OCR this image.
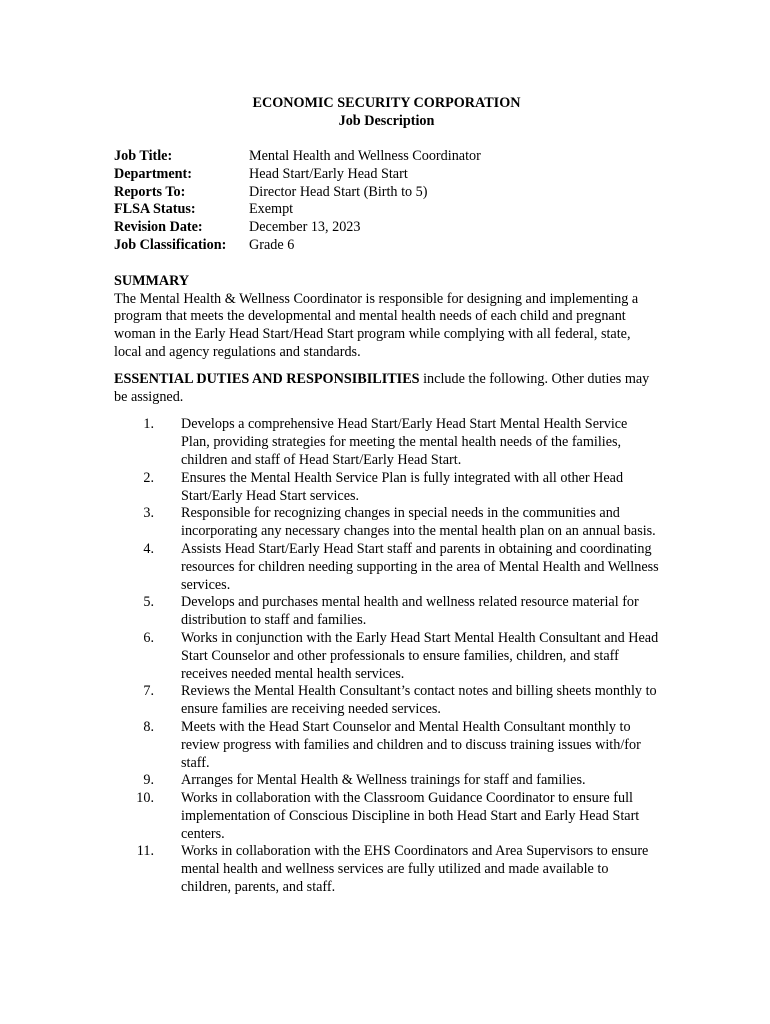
ECONOMIC SECURITY CORPORATION
Job Description
Job Title:	Mental Health and Wellness Coordinator
Department:	Head Start/Early Head Start
Reports To:	Director Head Start (Birth to 5)
FLSA Status:	Exempt
Revision Date:	December 13, 2023
Job Classification:	Grade 6
SUMMARY

The Mental Health & Wellness Coordinator is responsible for designing and implementing a program that meets the developmental and mental health needs of each child and pregnant woman in the Early Head Start/Head Start program while complying with all federal, state, local and agency regulations and standards.

ESSENTIAL DUTIES AND RESPONSIBILITIES include the following. Other duties may be assigned.
1. Develops a comprehensive Head Start/Early Head Start Mental Health Service Plan, providing strategies for meeting the mental health needs of the families, children and staff of Head Start/Early Head Start.
2. Ensures the Mental Health Service Plan is fully integrated with all other Head Start/Early Head Start services.
3. Responsible for recognizing changes in special needs in the communities and incorporating any necessary changes into the mental health plan on an annual basis.
4. Assists Head Start/Early Head Start staff and parents in obtaining and coordinating resources for children needing supporting in the area of Mental Health and Wellness services.
5. Develops and purchases mental health and wellness related resource material for distribution to staff and families.
6. Works in conjunction with the Early Head Start Mental Health Consultant and Head Start Counselor and other professionals to ensure families, children, and staff receives needed mental health services.
7. Reviews the Mental Health Consultant’s contact notes and billing sheets monthly to ensure families are receiving needed services.
8. Meets with the Head Start Counselor and Mental Health Consultant monthly to review progress with families and children and to discuss training issues with/for staff.
9. Arranges for Mental Health & Wellness trainings for staff and families.
10. Works in collaboration with the Classroom Guidance Coordinator to ensure full implementation of Conscious Discipline in both Head Start and Early Head Start centers.
11. Works in collaboration with the EHS Coordinators and Area Supervisors to ensure mental health and wellness services are fully utilized and made available to children, parents, and staff.
